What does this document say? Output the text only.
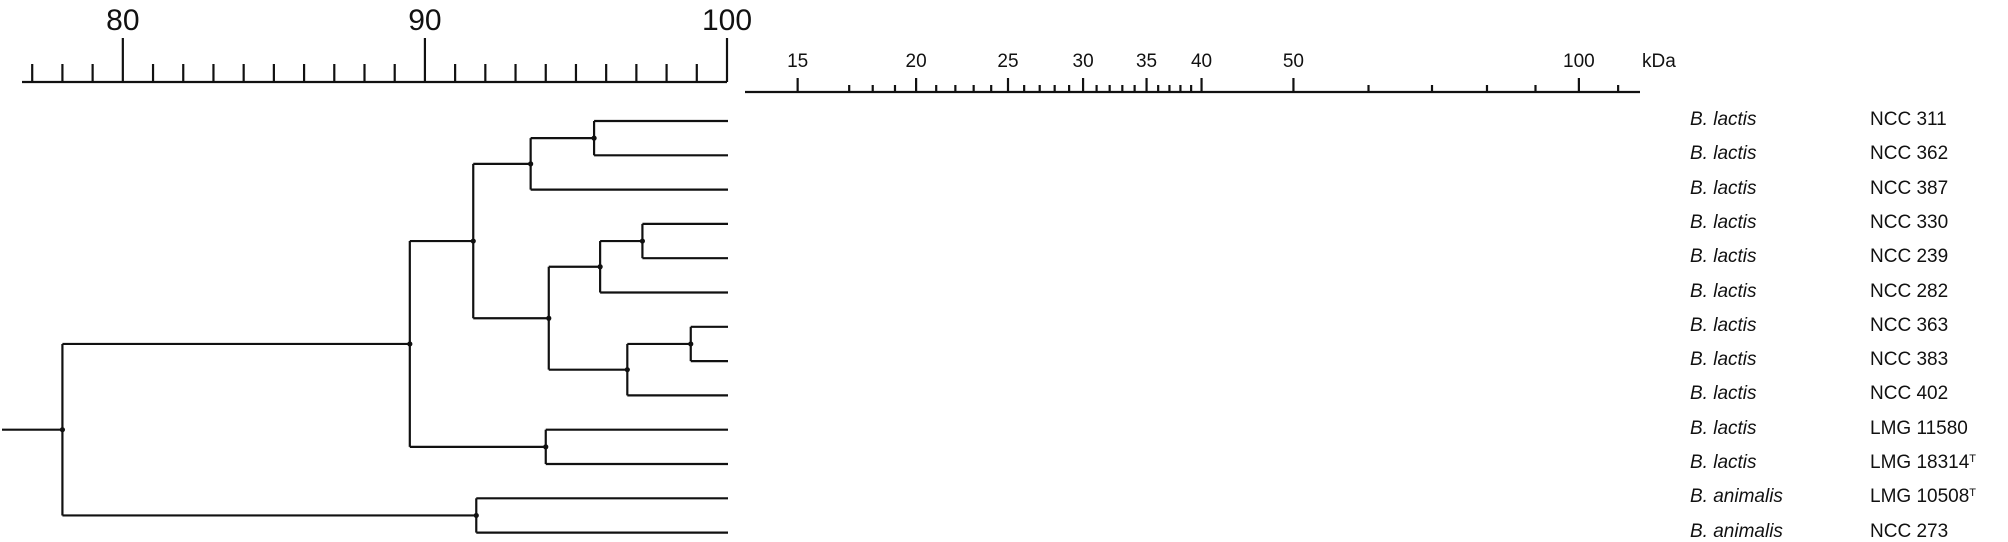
80	90	100
15	20	25	30 35 40	50	100 kDa
B. lactis	NCC 311
B. lactis	NCC 362
B. lactis	NCC 387
B. lactis	NCC 330
B. lactis	NCC 239
B. lactis	NCC 282
B. lactis	NCC 363
B. lactis	NCC 383
B. lactis	NCC 402
B. lactis	LMG 11580
B. lactis	LMG $18314^T$
B. animalis	LMG $10508^T$
B. animalis	NCC 273
